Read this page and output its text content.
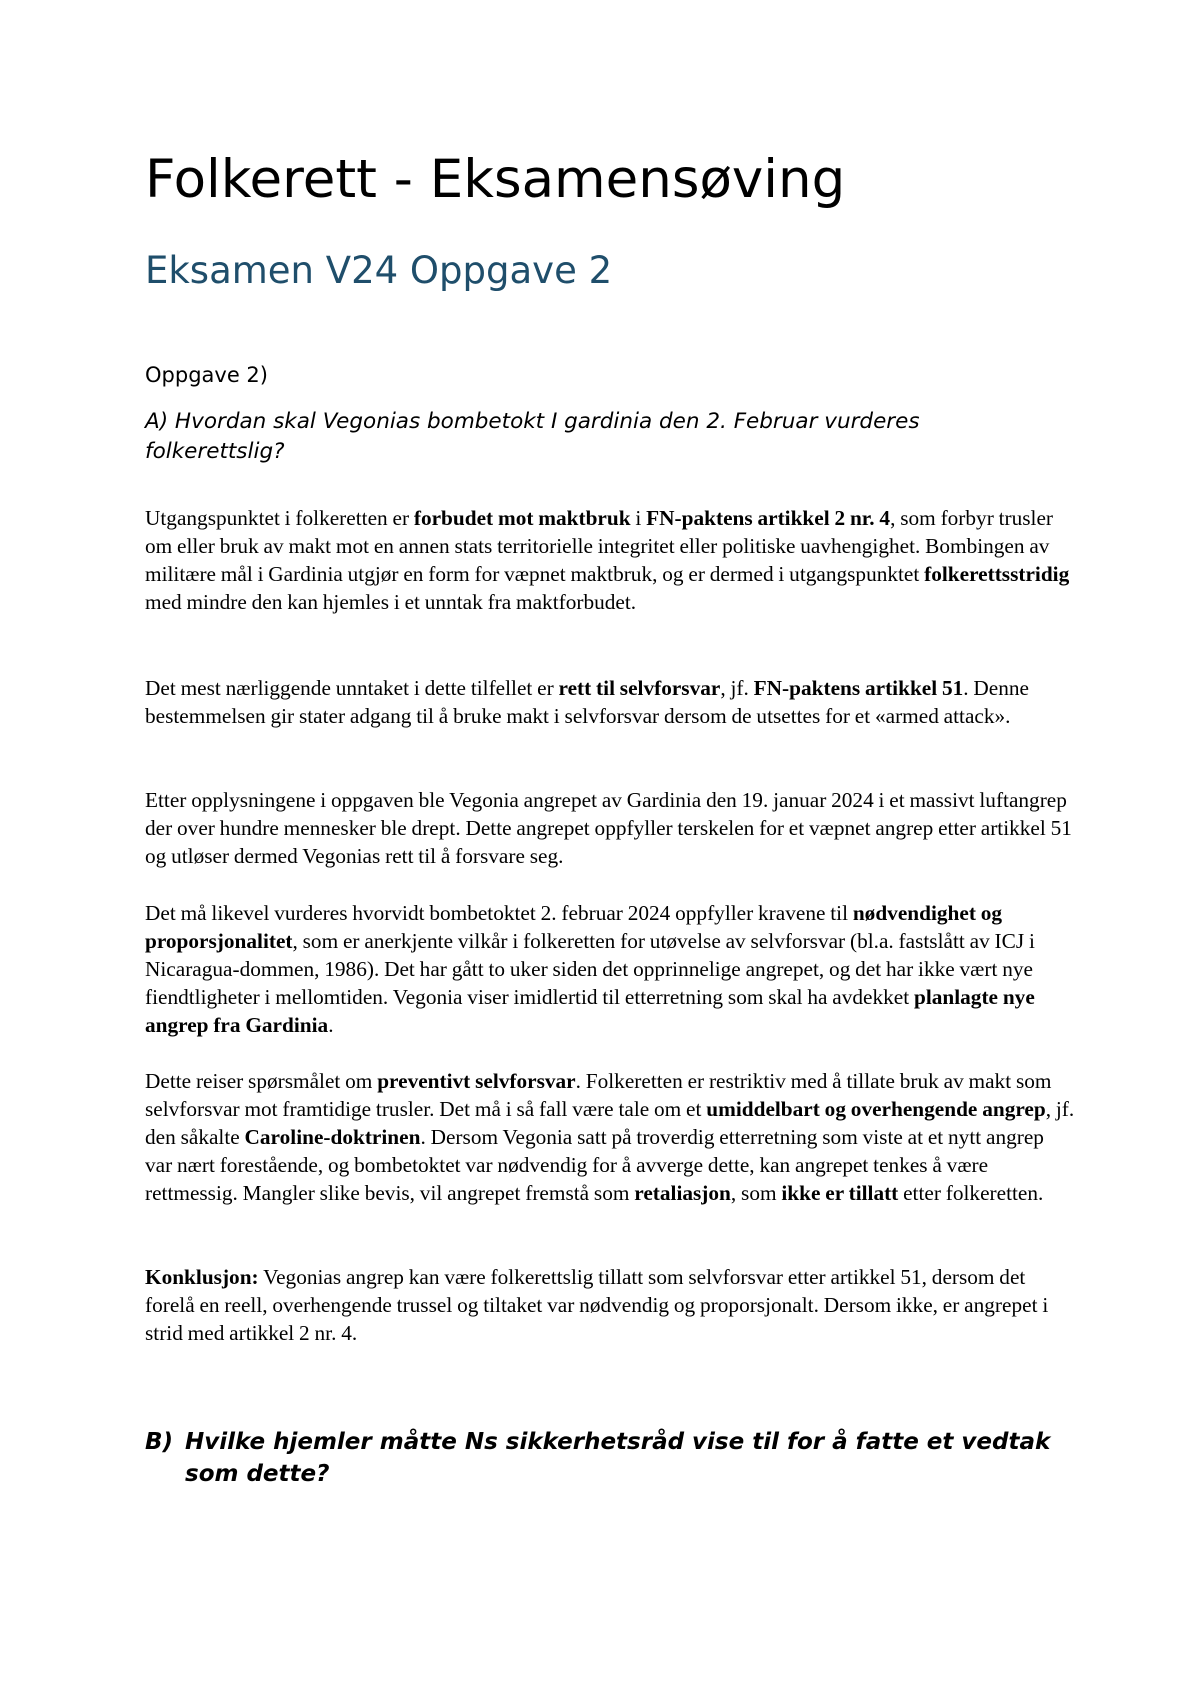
Folkerett - Eksamensøving
Eksamen V24 Oppgave 2
Oppgave 2)

A) Hvordan skal Vegonias bombetokt I gardinia den 2. Februar vurderes folkerettslig?

Utgangspunktet i folkeretten er forbudet mot maktbruk i FN-paktens artikkel 2 nr. 4, som forbyr trusler om eller bruk av makt mot en annen stats territorielle integritet eller politiske uavhengighet. Bombingen av militære mål i Gardinia utgjør en form for væpnet maktbruk, og er dermed i utgangspunktet folkerettsstridig med mindre den kan hjemles i et unntak fra maktforbudet.

Det mest nærliggende unntaket i dette tilfellet er rett til selvforsvar, jf. FN-paktens artikkel 51. Denne bestemmelsen gir stater adgang til å bruke makt i selvforsvar dersom de utsettes for et «armed attack».

Etter opplysningene i oppgaven ble Vegonia angrepet av Gardinia den 19. januar 2024 i et massivt luftangrep der over hundre mennesker ble drept. Dette angrepet oppfyller terskelen for et væpnet angrep etter artikkel 51 og utløser dermed Vegonias rett til å forsvare seg.

Det må likevel vurderes hvorvidt bombetoktet 2. februar 2024 oppfyller kravene til nødvendighet og proporsjonalitet, som er anerkjente vilkår i folkeretten for utøvelse av selvforsvar (bl.a. fastslått av ICJ i Nicaragua-dommen, 1986). Det har gått to uker siden det opprinnelige angrepet, og det har ikke vært nye fiendtligheter i mellomtiden. Vegonia viser imidlertid til etterretning som skal ha avdekket planlagte nye angrep fra Gardinia.

Dette reiser spørsmålet om preventivt selvforsvar. Folkeretten er restriktiv med å tillate bruk av makt som selvforsvar mot framtidige trusler. Det må i så fall være tale om et umiddelbart og overhengende angrep, jf. den såkalte Caroline-doktrinen. Dersom Vegonia satt på troverdig etterretning som viste at et nytt angrep var nært forestående, og bombetoktet var nødvendig for å avverge dette, kan angrepet tenkes å være rettmessig. Mangler slike bevis, vil angrepet fremstå som retaliasjon, som ikke er tillatt etter folkeretten.

Konklusjon: Vegonias angrep kan være folkerettslig tillatt som selvforsvar etter artikkel 51, dersom det forelå en reell, overhengende trussel og tiltaket var nødvendig og proporsjonalt. Dersom ikke, er angrepet i strid med artikkel 2 nr. 4.

B) Hvilke hjemler måtte Ns sikkerhetsråd vise til for å fatte et vedtak som dette?
